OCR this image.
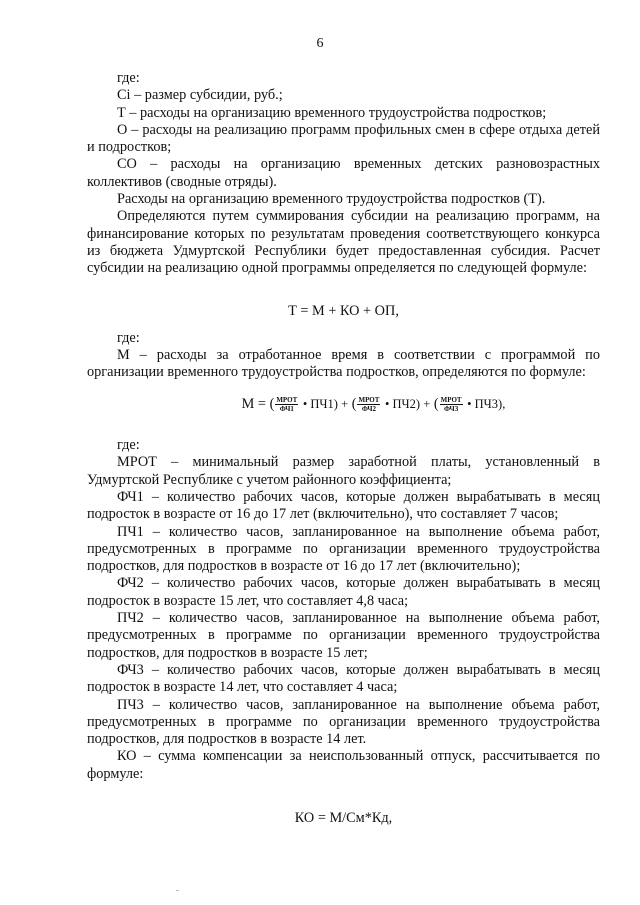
6

где:

Сi – размер субсидии, руб.;

Т – расходы на организацию временного трудоустройства подростков;

О – расходы на реализацию программ профильных смен в сфере отдыха детей и подростков;

СО – расходы на организацию временных детских разновозрастных коллективов (сводные отряды).

Расходы на организацию временного трудоустройства подростков (Т).

Определяются путем суммирования субсидии на реализацию программ, на финансирование которых по результатам проведения соответствующего конкурса из бюджета Удмуртской Республики будет предоставленная субсидия. Расчет субсидии на реализацию одной программы определяется по следующей формуле:

Т = М + КО + ОП,

где:

М – расходы за отработанное время в соответствии с программой по организации временного трудоустройства подростков, определяются по формуле:

М = ( $\frac{\text{МРОТ}}{ФЧ1}$ • ПЧ1) + ( $\frac{\text{МРОТ}}{ФЧ2}$ • ПЧ2) + ( $\frac{\text{МРОТ}}{ФЧ3}$ • ПЧ3),

где:

МРОТ – минимальный размер заработной платы, установленный в Удмуртской Республике с учетом районного коэффициента;

ФЧ1 – количество рабочих часов, которые должен вырабатывать в месяц подросток в возрасте от 16 до 17 лет (включительно), что составляет 7 часов;

ПЧ1 – количество часов, запланированное на выполнение объема работ, предусмотренных в программе по организации временного трудоустройства подростков, для подростков в возрасте от 16 до 17 лет (включительно);

ФЧ2 – количество рабочих часов, которые должен вырабатывать в месяц подросток в возрасте 15 лет, что составляет 4,8 часа;

ПЧ2 – количество часов, запланированное на выполнение объема работ, предусмотренных в программе по организации временного трудоустройства подростков, для подростков в возрасте 15 лет;

ФЧ3 – количество рабочих часов, которые должен вырабатывать в месяц подросток в возрасте 14 лет, что составляет 4 часа;

ПЧ3 – количество часов, запланированное на выполнение объема работ, предусмотренных в программе по организации временного трудоустройства подростков, для подростков в возрасте 14 лет.

КО – сумма компенсации за неиспользованный отпуск, рассчитывается по формуле:

КО = М/См*Кд,
